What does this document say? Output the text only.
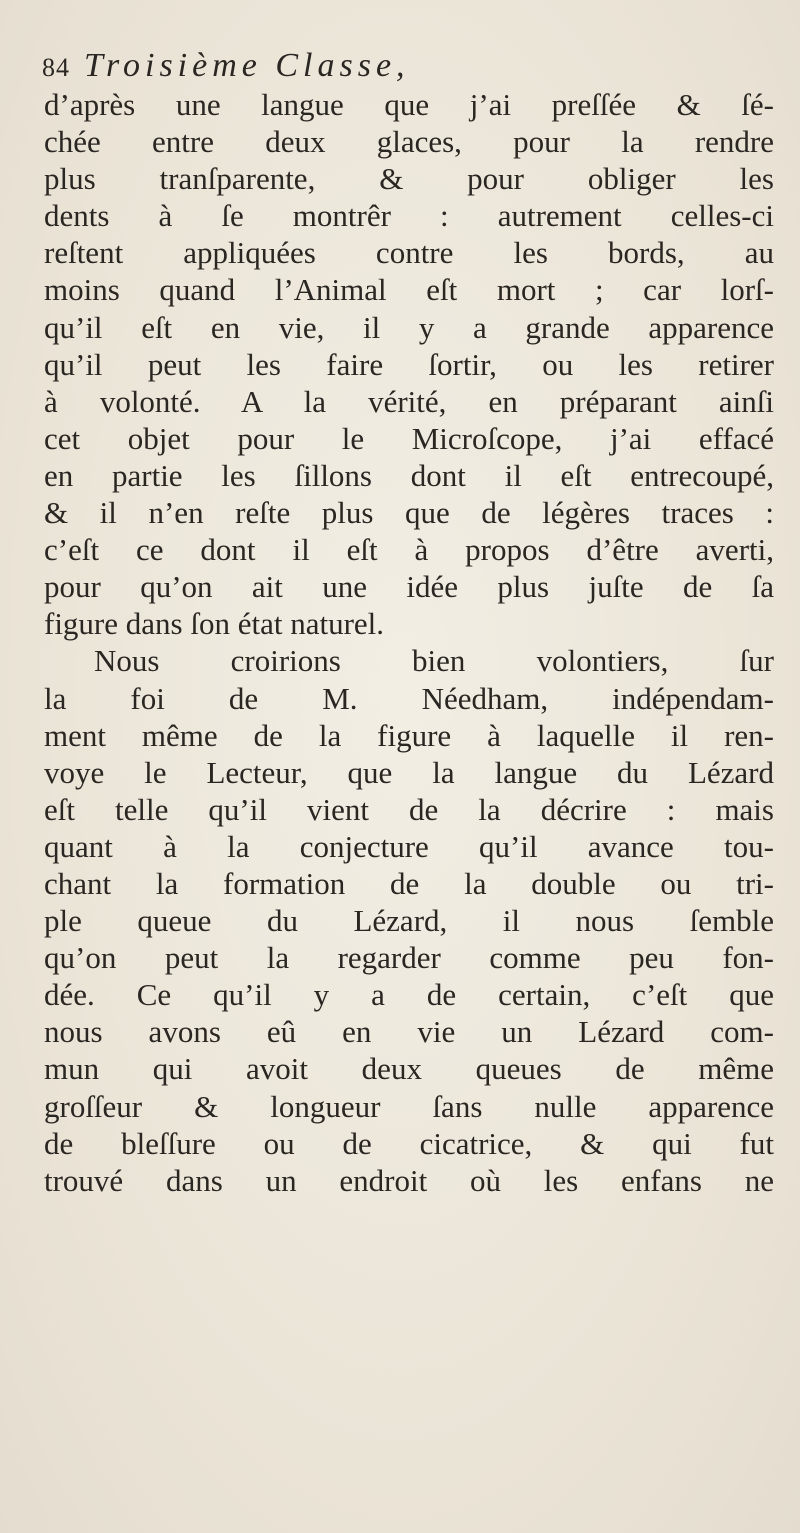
84 Troisième Classe,
d’après une langue que j’ai preſſée & ſé-
chée entre deux glaces, pour la rendre
plus tranſparente, & pour obliger les
dents à ſe montrêr : autrement celles-ci
reſtent appliquées contre les bords, au
moins quand l’Animal eſt mort ; car lorſ-
qu’il eſt en vie, il y a grande apparence
qu’il peut les faire ſortir, ou les retirer
à volonté. A la vérité, en préparant ainſi
cet objet pour le Microſcope, j’ai effacé
en partie les ſillons dont il eſt entrecoupé,
& il n’en reſte plus que de légères traces :
c’eſt ce dont il eſt à propos d’être averti,
pour qu’on ait une idée plus juſte de ſa
figure dans ſon état naturel.
Nous croirions bien volontiers, ſur
la foi de M. Néedham, indépendam-
ment même de la figure à laquelle il ren-
voye le Lecteur, que la langue du Lézard
eſt telle qu’il vient de la décrire : mais
quant à la conjecture qu’il avance tou-
chant la formation de la double ou tri-
ple queue du Lézard, il nous ſemble
qu’on peut la regarder comme peu fon-
dée. Ce qu’il y a de certain, c’eſt que
nous avons eû en vie un Lézard com-
mun qui avoit deux queues de même
groſſeur & longueur ſans nulle apparence
de bleſſure ou de cicatrice, & qui fut
trouvé dans un endroit où les enfans ne
